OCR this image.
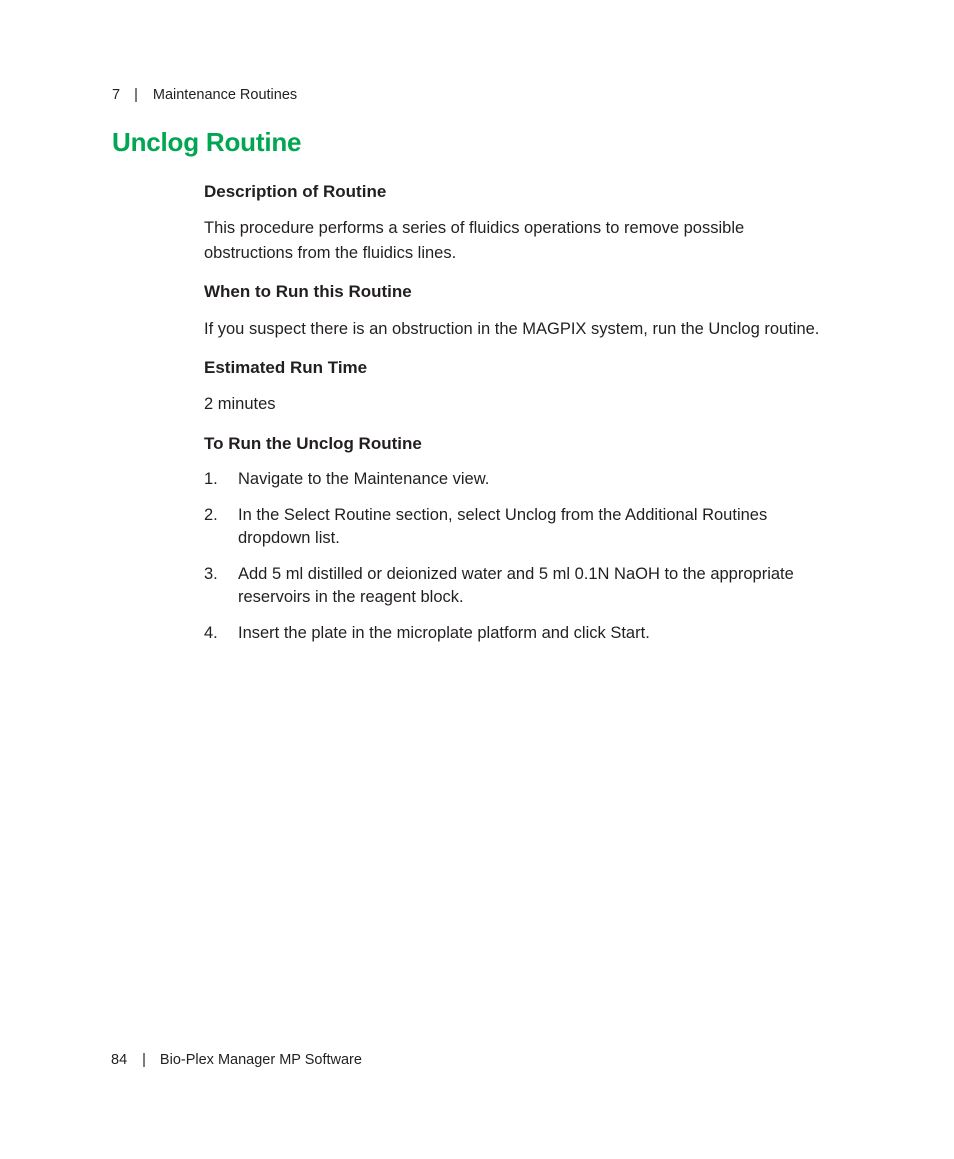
7 | Maintenance Routines
Unclog Routine
Description of Routine

This procedure performs a series of fluidics operations to remove possible obstructions from the fluidics lines.

When to Run this Routine

If you suspect there is an obstruction in the MAGPIX system, run the Unclog routine.

Estimated Run Time

2 minutes

To Run the Unclog Routine
1. Navigate to the Maintenance view.
2. In the Select Routine section, select Unclog from the Additional Routines dropdown list.
3. Add 5 ml distilled or deionized water and 5 ml 0.1N NaOH to the appropriate reservoirs in the reagent block.
4. Insert the plate in the microplate platform and click Start.
84 | Bio-Plex Manager MP Software
